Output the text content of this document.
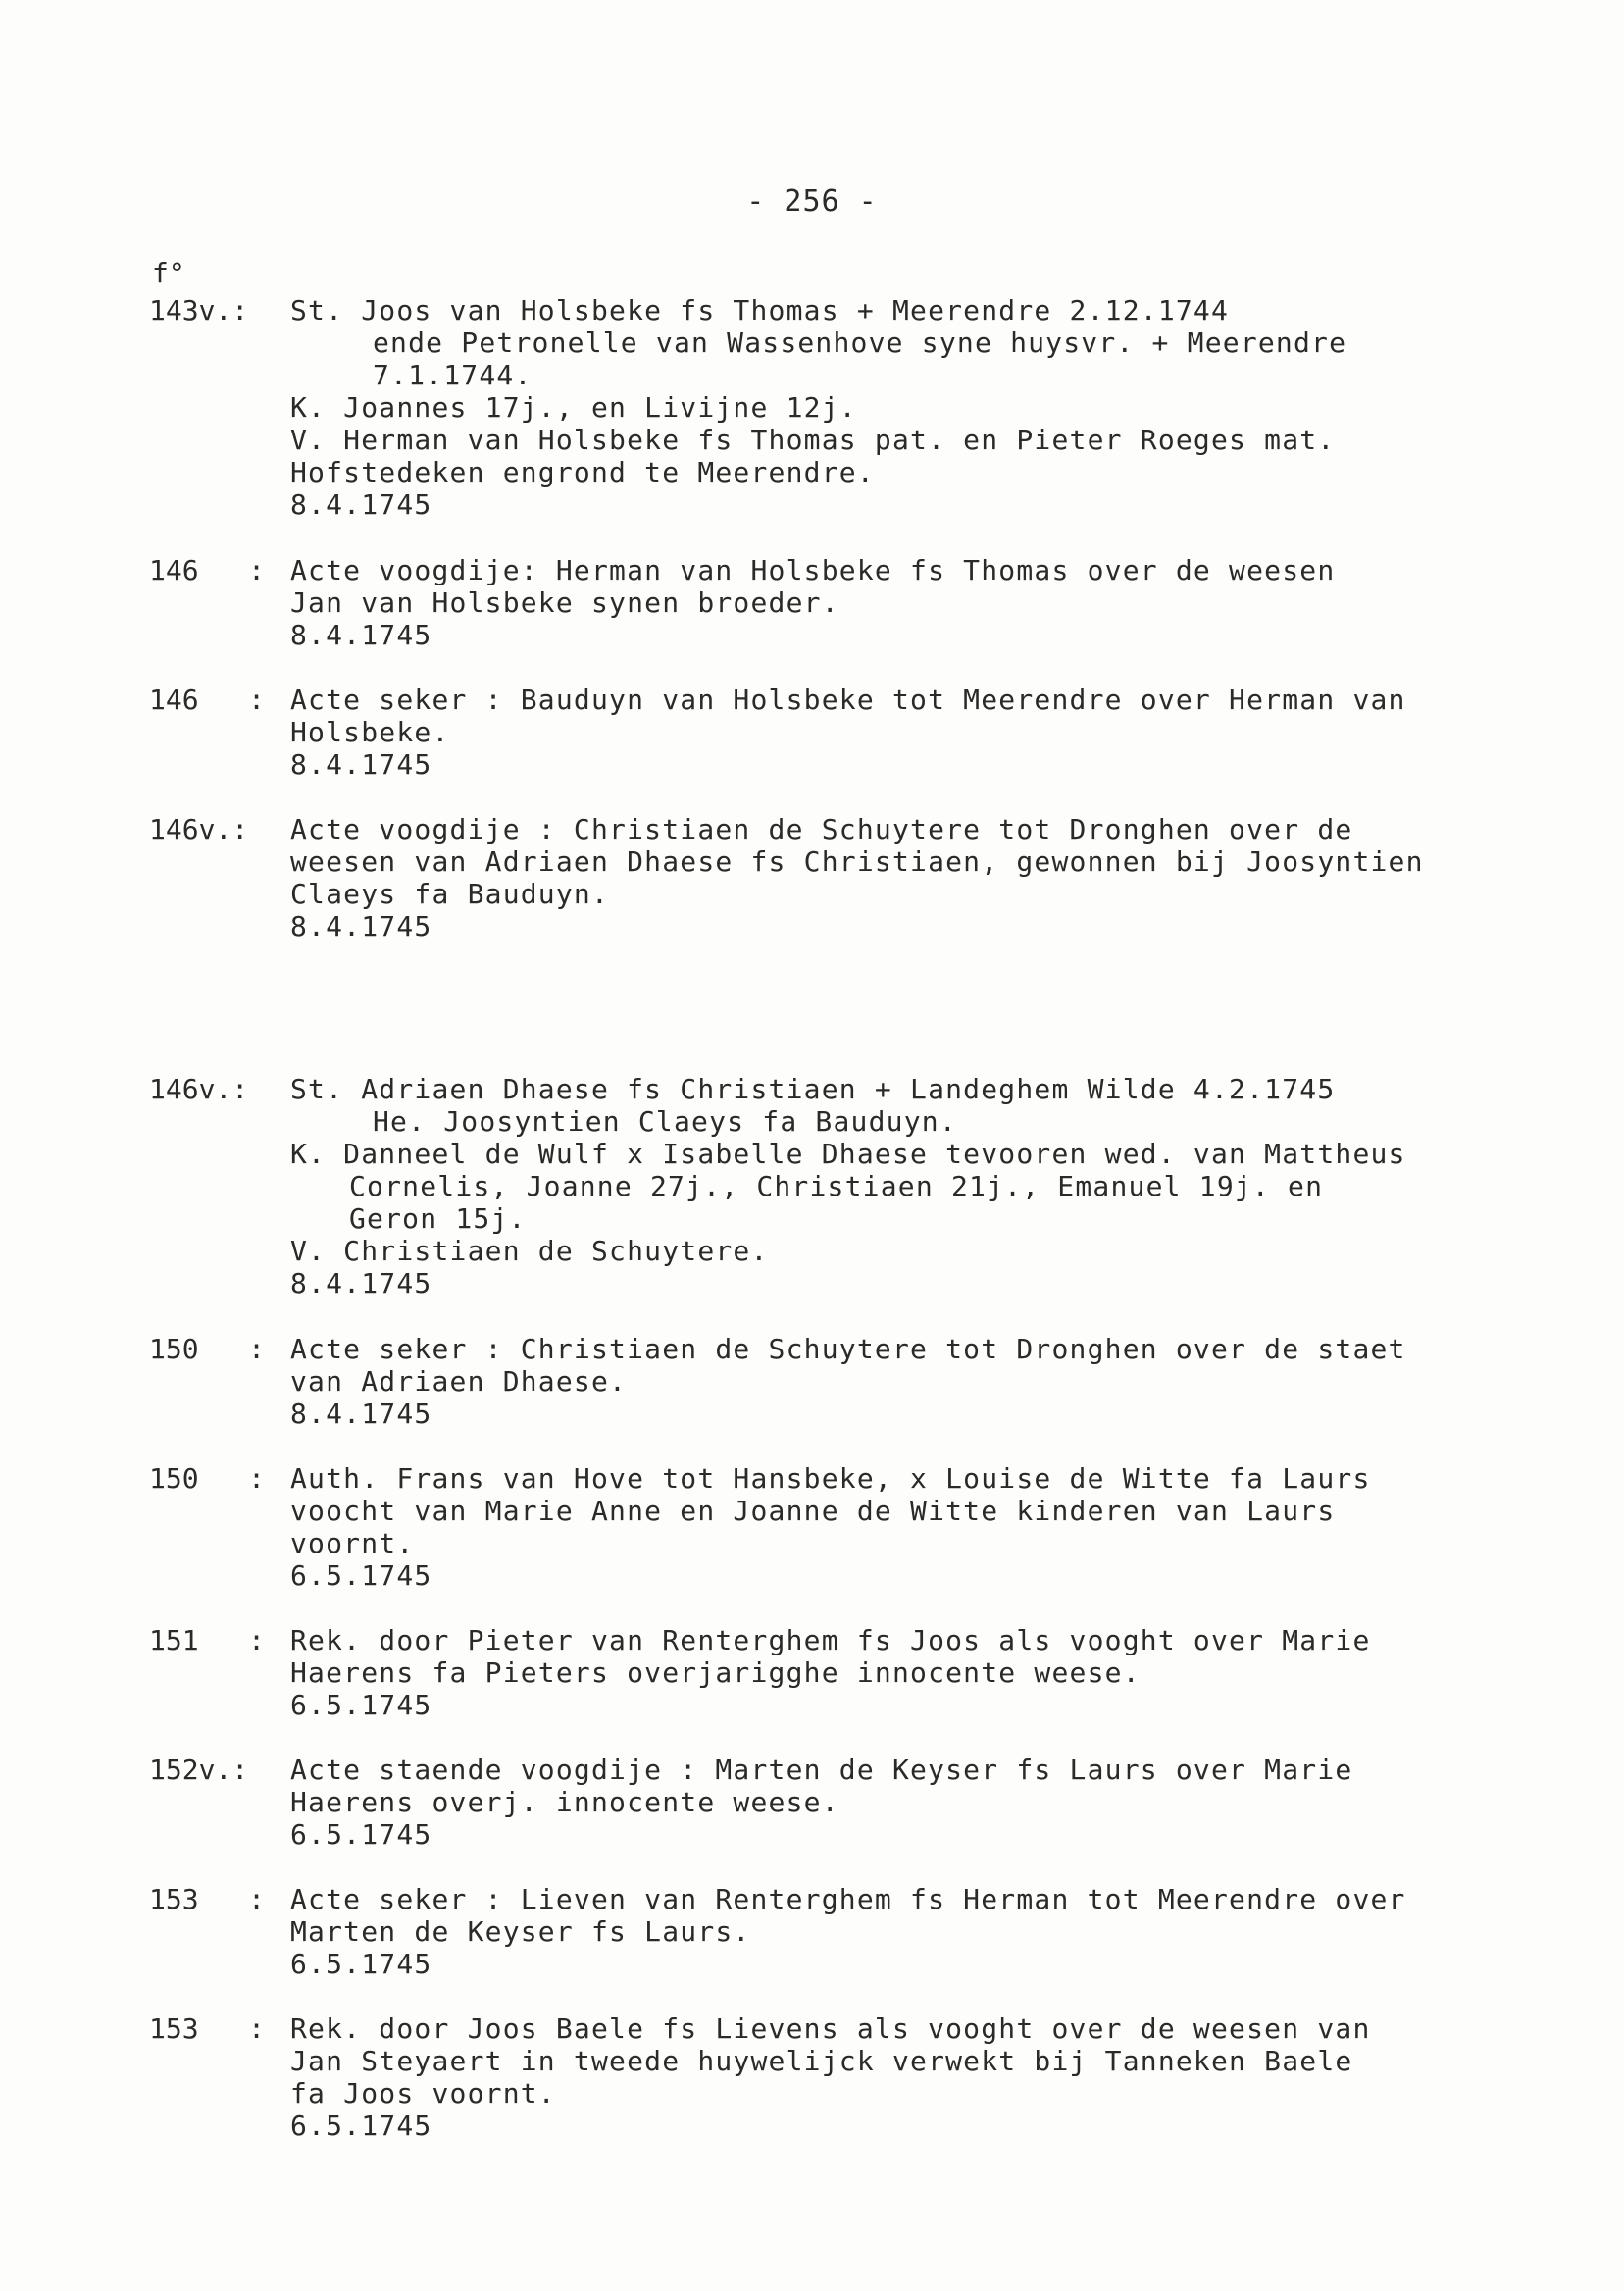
- 256 -
f°
143v.: St. Joos van Holsbeke fs Thomas + Meerendre 2.12.1744
ende Petronelle van Wassenhove syne huysvr. + Meerendre
7.1.1744.
K. Joannes 17j., en Livijne 12j.
V. Herman van Holsbeke fs Thomas pat. en Pieter Roeges mat.
Hofstedeken engrond te Meerendre.
8.4.1745
146   : Acte voogdije: Herman van Holsbeke fs Thomas over de weesen
Jan van Holsbeke synen broeder.
8.4.1745
146   : Acte seker : Bauduyn van Holsbeke tot Meerendre over Herman van
Holsbeke.
8.4.1745
146v.: Acte voogdije : Christiaen de Schuytere tot Dronghen over de
weesen van Adriaen Dhaese fs Christiaen, gewonnen bij Joosyntien
Claeys fa Bauduyn.
8.4.1745
146v.: St. Adriaen Dhaese fs Christiaen + Landeghem Wilde 4.2.1745
He. Joosyntien Claeys fa Bauduyn.
K. Danneel de Wulf x Isabelle Dhaese tevooren wed. van Mattheus
Cornelis, Joanne 27j., Christiaen 21j., Emanuel 19j. en
Geron 15j.
V. Christiaen de Schuytere.
8.4.1745
150   : Acte seker : Christiaen de Schuytere tot Dronghen over de staet
van Adriaen Dhaese.
8.4.1745
150   : Auth. Frans van Hove tot Hansbeke, x Louise de Witte fa Laurs
voocht van Marie Anne en Joanne de Witte kinderen van Laurs
voornt.
6.5.1745
151   : Rek. door Pieter van Renterghem fs Joos als vooght over Marie
Haerens fa Pieters overjarigghe innocente weese.
6.5.1745
152v.: Acte staende voogdije : Marten de Keyser fs Laurs over Marie
Haerens overj. innocente weese.
6.5.1745
153   : Acte seker : Lieven van Renterghem fs Herman tot Meerendre over
Marten de Keyser fs Laurs.
6.5.1745
153   : Rek. door Joos Baele fs Lievens als vooght over de weesen van
Jan Steyaert in tweede huywelijck verwekt bij Tanneken Baele
fa Joos voornt.
6.5.1745
